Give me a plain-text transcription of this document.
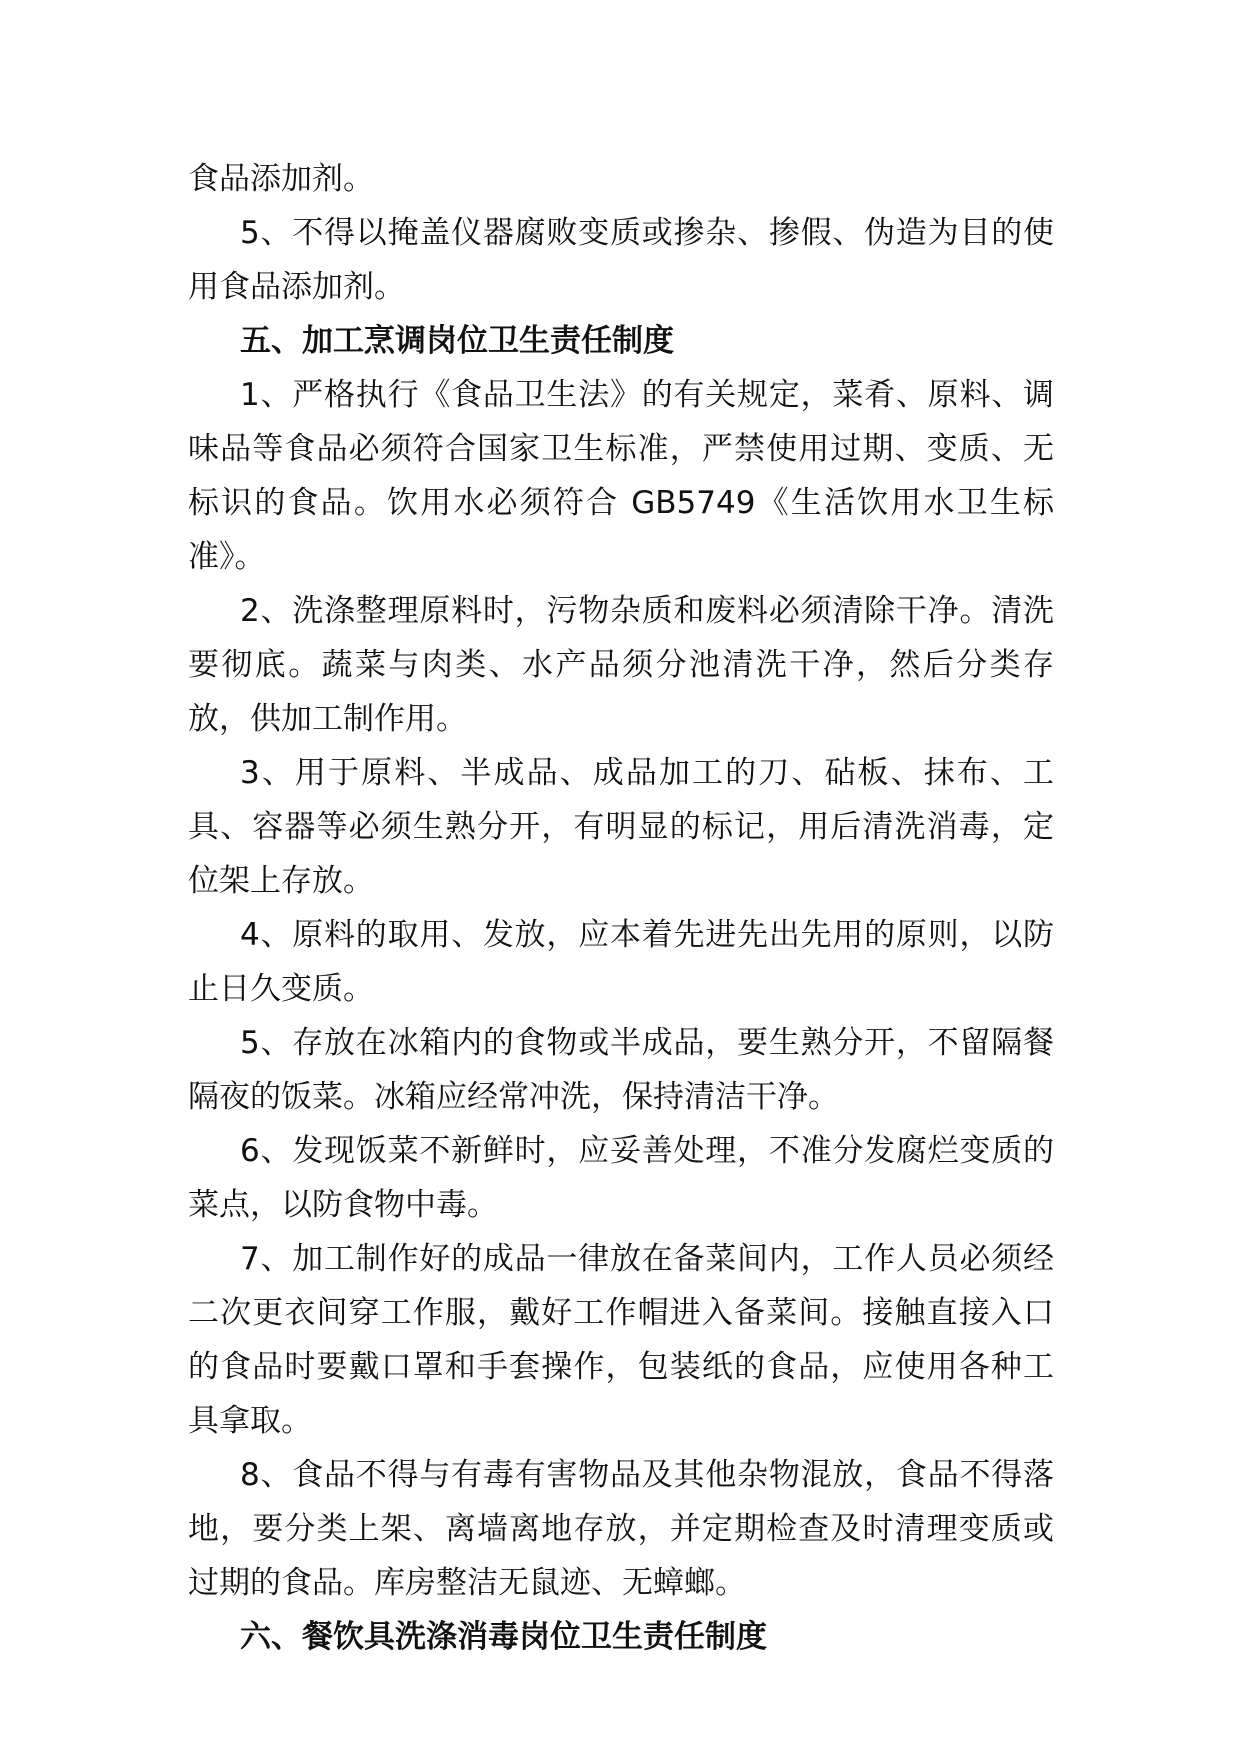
食品添加剂。

5、不得以掩盖仪器腐败变质或掺杂、掺假、伪造为目的使用食品添加剂。

五、加工烹调岗位卫生责任制度

1、严格执行《食品卫生法》的有关规定，菜肴、原料、调味品等食品必须符合国家卫生标准，严禁使用过期、变质、无标识的食品。饮用水必须符合 GB5749《生活饮用水卫生标准》。

2、洗涤整理原料时，污物杂质和废料必须清除干净。清洗要彻底。蔬菜与肉类、水产品须分池清洗干净，然后分类存放，供加工制作用。

3、用于原料、半成品、成品加工的刀、砧板、抹布、工具、容器等必须生熟分开，有明显的标记，用后清洗消毒，定位架上存放。

4、原料的取用、发放，应本着先进先出先用的原则，以防止日久变质。

5、存放在冰箱内的食物或半成品，要生熟分开，不留隔餐隔夜的饭菜。冰箱应经常冲洗，保持清洁干净。

6、发现饭菜不新鲜时，应妥善处理，不准分发腐烂变质的菜点，以防食物中毒。

7、加工制作好的成品一律放在备菜间内，工作人员必须经二次更衣间穿工作服，戴好工作帽进入备菜间。接触直接入口的食品时要戴口罩和手套操作，包装纸的食品，应使用各种工具拿取。

8、食品不得与有毒有害物品及其他杂物混放，食品不得落地，要分类上架、离墙离地存放，并定期检查及时清理变质或过期的食品。库房整洁无鼠迹、无蟑螂。

六、餐饮具洗涤消毒岗位卫生责任制度
